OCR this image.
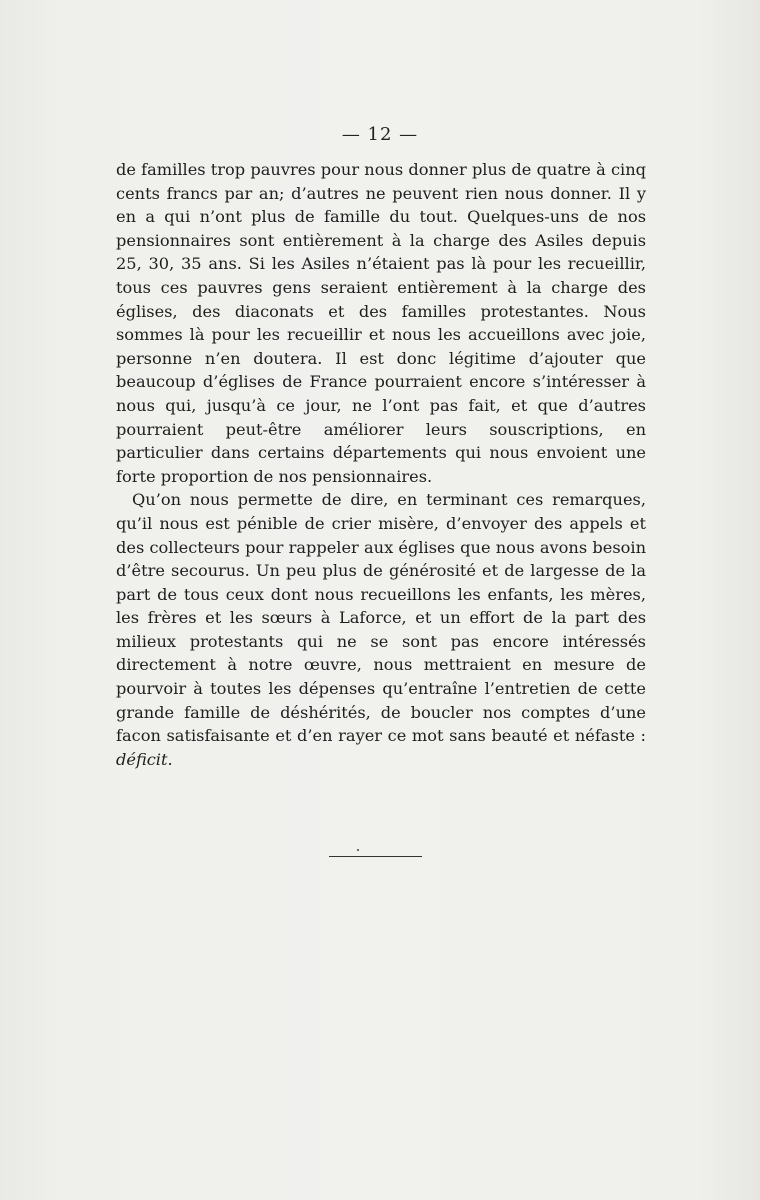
— 12 —

de familles trop pauvres pour nous donner plus de quatre à cinq cents francs par an; d’autres ne peuvent rien nous donner. Il y en a qui n’ont plus de famille du tout. Quelques-uns de nos pensionnaires sont entièrement à la charge des Asiles depuis 25, 30, 35 ans. Si les Asiles n’étaient pas là pour les recueillir, tous ces pauvres gens seraient entièrement à la charge des églises, des diaconats et des familles protestantes. Nous sommes là pour les recueillir et nous les accueillons avec joie, personne n’en doutera. Il est donc légitime d’ajouter que beaucoup d’églises de France pourraient encore s’intéresser à nous qui, jusqu’à ce jour, ne l’ont pas fait, et que d’autres pourraient peut-être améliorer leurs souscriptions, en particulier dans certains départements qui nous envoient une forte proportion de nos pensionnaires.

Qu’on nous permette de dire, en terminant ces remarques, qu’il nous est pénible de crier misère, d’envoyer des appels et des collecteurs pour rappeler aux églises que nous avons besoin d’être secourus. Un peu plus de générosité et de largesse de la part de tous ceux dont nous recueillons les enfants, les mères, les frères et les sœurs à Laforce, et un effort de la part des milieux protestants qui ne se sont pas encore intéressés directement à notre œuvre, nous mettraient en mesure de pourvoir à toutes les dépenses qu’entraîne l’entretien de cette grande famille de déshérités, de boucler nos comptes d’une facon satisfaisante et d’en rayer ce mot sans beauté et néfaste : déficit.
